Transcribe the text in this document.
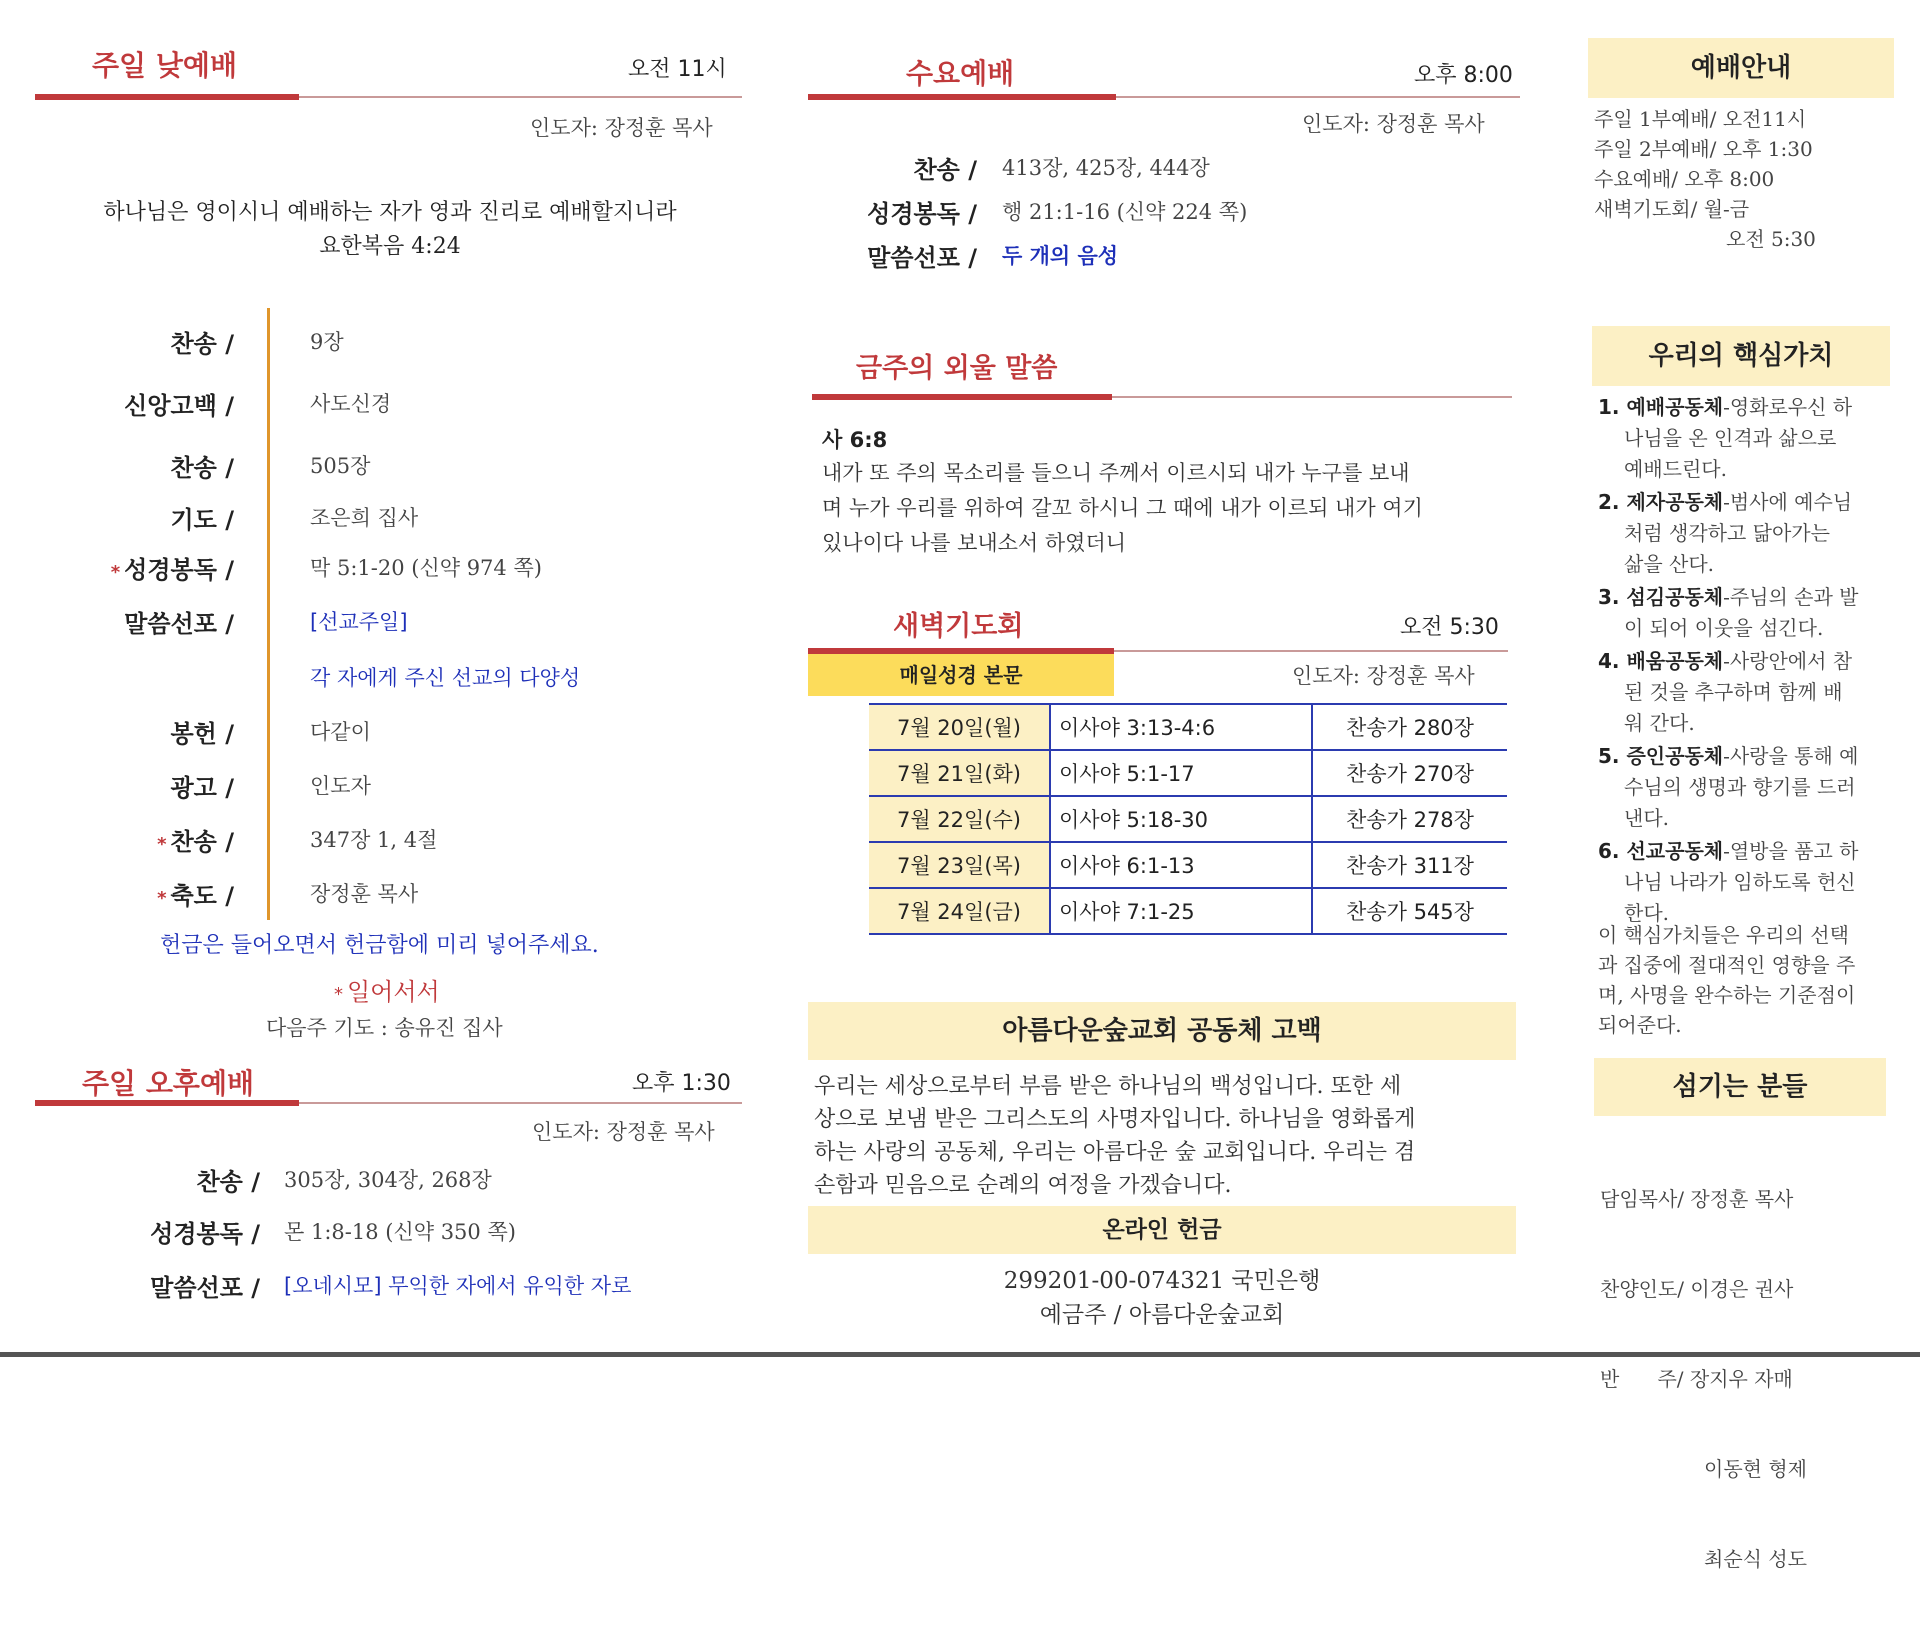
주일 낮예배	오전 11시
인도자: 장정훈 목사
하나님은 영이시니 예배하는 자가 영과 진리로 예배할지니라
요한복음 4:24
찬송 /	9장
신앙고백 /	사도신경
찬송 /	505장
기도 /	조은희 집사
* 성경봉독 /	막 5:1-20 (신약 974 쪽)
말씀선포 /	[선교주일]
각 자에게 주신 선교의 다양성
봉헌 /	다같이
광고 /	인도자
* 찬송 /	347장 1, 4절
* 축도 /	장정훈 목사
헌금은 들어오면서 헌금함에 미리 넣어주세요.
* 일어서서
다음주 기도 : 송유진 집사
주일 오후예배	오후 1:30
인도자: 장정훈 목사
찬송 / 305장, 304장, 268장
성경봉독 / 몬 1:8-18 (신약 350 쪽)
말씀선포 / [오네시모] 무익한 자에서 유익한 자로
수요예배	오후 8:00
인도자: 장정훈 목사
찬송 / 413장, 425장, 444장
성경봉독 / 행 21:1-16 (신약 224 쪽)
말씀선포 / 두 개의 음성
금주의 외울 말씀
사 6:8
내가 또 주의 목소리를 들으니 주께서 이르시되 내가 누구를 보내
며 누가 우리를 위하여 갈꼬 하시니 그 때에 내가 이르되 내가 여기
있나이다 나를 보내소서 하였더니
새벽기도회	오전 5:30
매일성경 본문	인도자: 장정훈 목사
7월 20일(월)	이사야 3:13-4:6	찬송가 280장
7월 21일(화)	이사야 5:1-17	찬송가 270장
7월 22일(수)	이사야 5:18-30	찬송가 278장
7월 23일(목)	이사야 6:1-13	찬송가 311장
7월 24일(금)	이사야 7:1-25	찬송가 545장
아름다운숲교회 공동체 고백
우리는 세상으로부터 부름 받은 하나님의 백성입니다. 또한 세
상으로 보냄 받은 그리스도의 사명자입니다. 하나님을 영화롭게
하는 사랑의 공동체, 우리는 아름다운 숲 교회입니다. 우리는 겸
손함과 믿음으로 순례의 여정을 가겠습니다.
온라인 헌금
299201-00-074321 국민은행
예금주 / 아름다운숲교회
예배안내
주일 1부예배/ 오전11시
주일 2부예배/ 오후 1:30
수요예배/ 오후 8:00
새벽기도회/ 월-금
오전 5:30
우리의 핵심가치
1. 예배공동체-영화로우신 하
나님을 온 인격과 삶으로
예배드린다.
2. 제자공동체-범사에 예수님
처럼 생각하고 닮아가는
삶을 산다.
3. 섬김공동체-주님의 손과 발
이 되어 이웃을 섬긴다.
4. 배움공동체-사랑안에서 참
된 것을 추구하며 함께 배
워 간다.
5. 증인공동체-사랑을 통해 예
수님의 생명과 향기를 드러
낸다.
6. 선교공동체-열방을 품고 하
나님 나라가 임하도록 헌신
한다.
이 핵심가치들은 우리의 선택
과 집중에 절대적인 영향을 주
며, 사명을 완수하는 기준점이
되어준다.
섬기는 분들

담임목사/ 장정훈 목사

찬양인도/ 이경은 권사

반      주/ 장지우 자매

이동현 형제

최순식 성도
